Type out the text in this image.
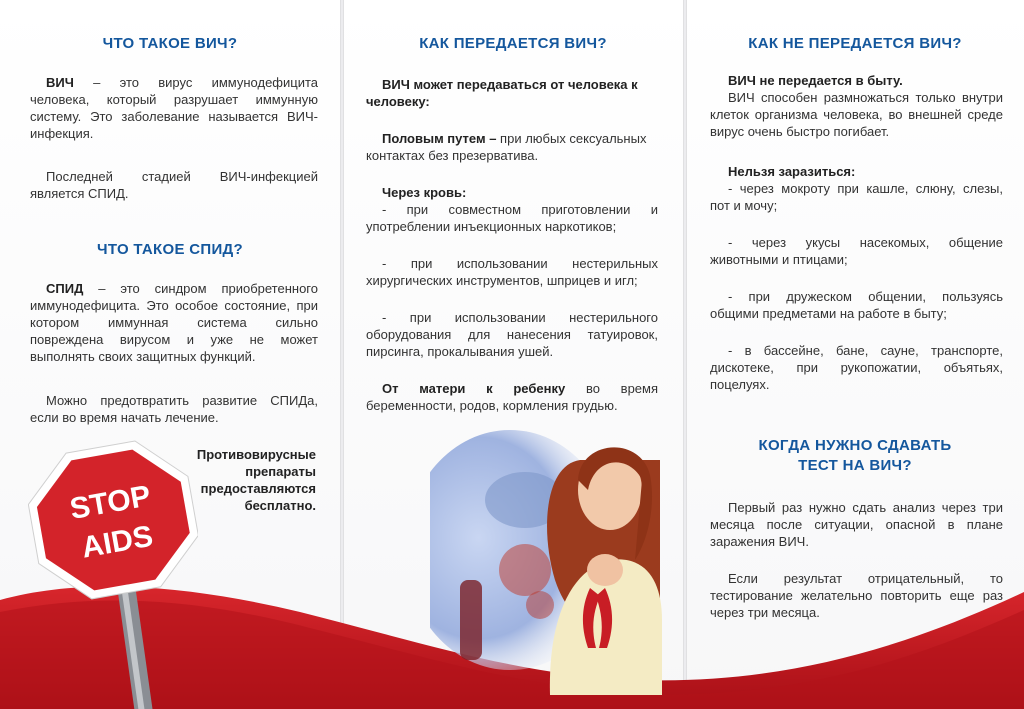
ЧТО ТАКОЕ ВИЧ?
ВИЧ – это вирус иммунодефицита человека, который разрушает иммунную систему. Это заболевание называется ВИЧ-инфекция.
Последней стадией ВИЧ-инфекцией является СПИД.
ЧТО ТАКОЕ СПИД?
СПИД – это синдром приобретенного иммунодефицита. Это особое состояние, при котором иммунная система сильно повреждена вирусом и уже не может выполнять своих защитных функций.
Можно предотвратить развитие СПИДа, если во время начать лечение.
Противовирусные
препараты
предоставляются
бесплатно.
STOP
AIDS
КАК ПЕРЕДАЕТСЯ ВИЧ?
ВИЧ может передаваться от человека к человеку:
Половым путем – при любых сексуальных контактах без презерватива.
Через кровь:
- при совместном приготовлении и употреблении инъекционных наркотиков;
- при использовании нестерильных хирургических инструментов, шприцев и игл;
- при использовании нестерильного оборудования для нанесения татуировок, пирсинга, прокалывания ушей.
От матери к ребенку во время беременности, родов, кормления грудью.
КАК НЕ ПЕРЕДАЕТСЯ ВИЧ?
ВИЧ не передается в быту.
ВИЧ способен размножаться только внутри клеток организма человека, во внешней среде вирус очень быстро погибает.
Нельзя заразиться:
- через мокроту при кашле, слюну, слезы, пот и мочу;
- через укусы насекомых, общение животными и птицами;
- при дружеском общении, пользуясь общими предметами на работе в быту;
- в бассейне, бане, сауне, транспорте, дискотеке, при рукопожатии, объятьях, поцелуях.
КОГДА НУЖНО СДАВАТЬ
ТЕСТ НА ВИЧ?
Первый раз нужно сдать анализ через три месяца после ситуации, опасной в плане заражения ВИЧ.
Если результат отрицательный, то тестирование желательно повторить еще раз через три месяца.
